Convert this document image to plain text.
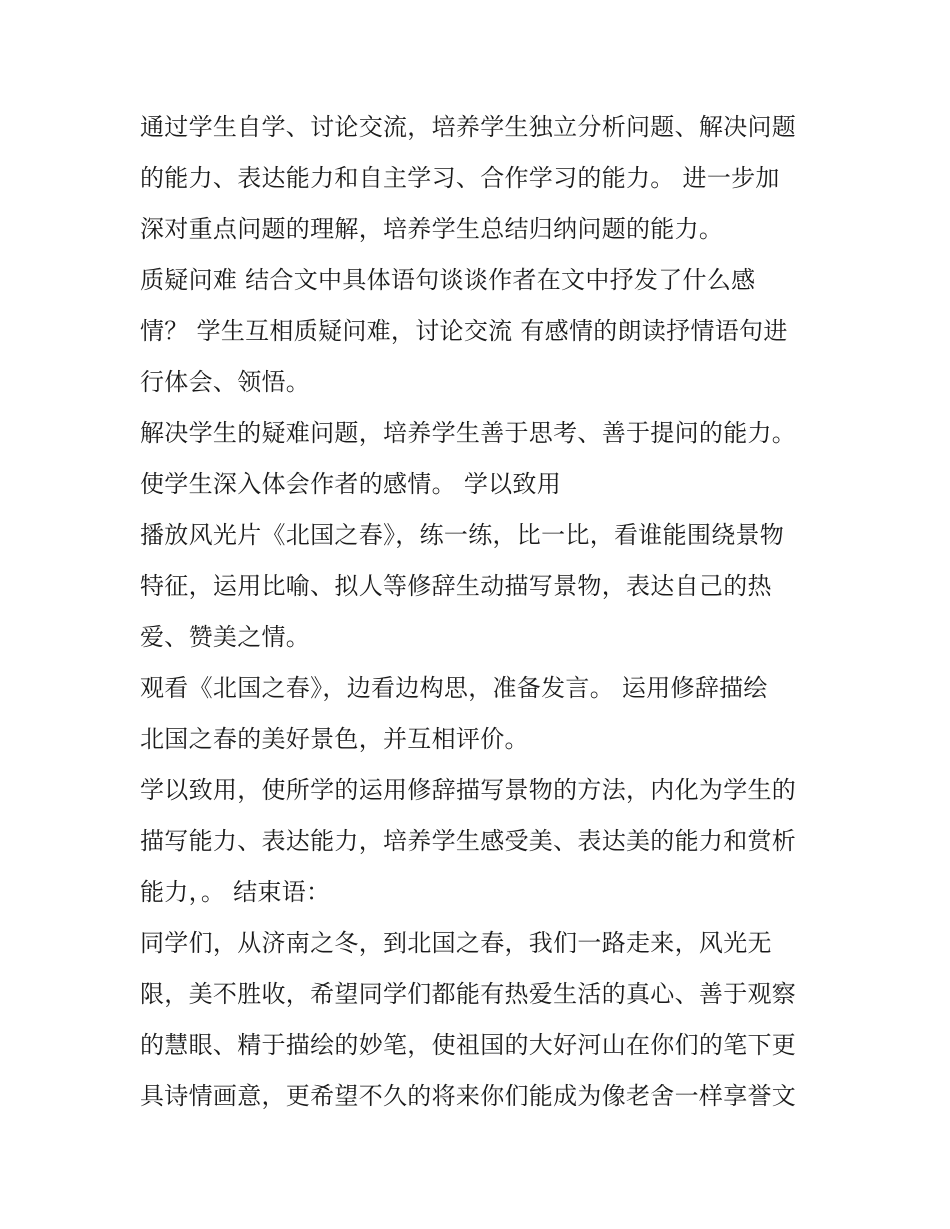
通过学生自学、讨论交流，培养学生独立分析问题、解决问题
的能力、表达能力和自主学习、合作学习的能力。 进一步加
深对重点问题的理解，培养学生总结归纳问题的能力。
质疑问难 结合文中具体语句谈谈作者在文中抒发了什么感
情？ 学生互相质疑问难，讨论交流 有感情的朗读抒情语句进
行体会、领悟。
解决学生的疑难问题，培养学生善于思考、善于提问的能力。
使学生深入体会作者的感情。 学以致用
播放风光片《北国之春》，练一练，比一比，看谁能围绕景物
特征，运用比喻、拟人等修辞生动描写景物，表达自己的热
爱、赞美之情。
观看《北国之春》，边看边构思，准备发言。 运用修辞描绘
北国之春的美好景色，并互相评价。
学以致用，使所学的运用修辞描写景物的方法，内化为学生的
描写能力、表达能力，培养学生感受美、表达美的能力和赏析
能力，。 结束语：
同学们，从济南之冬，到北国之春，我们一路走来，风光无
限，美不胜收，希望同学们都能有热爱生活的真心、善于观察
的慧眼、精于描绘的妙笔，使祖国的大好河山在你们的笔下更
具诗情画意，更希望不久的将来你们能成为像老舍一样享誉文
